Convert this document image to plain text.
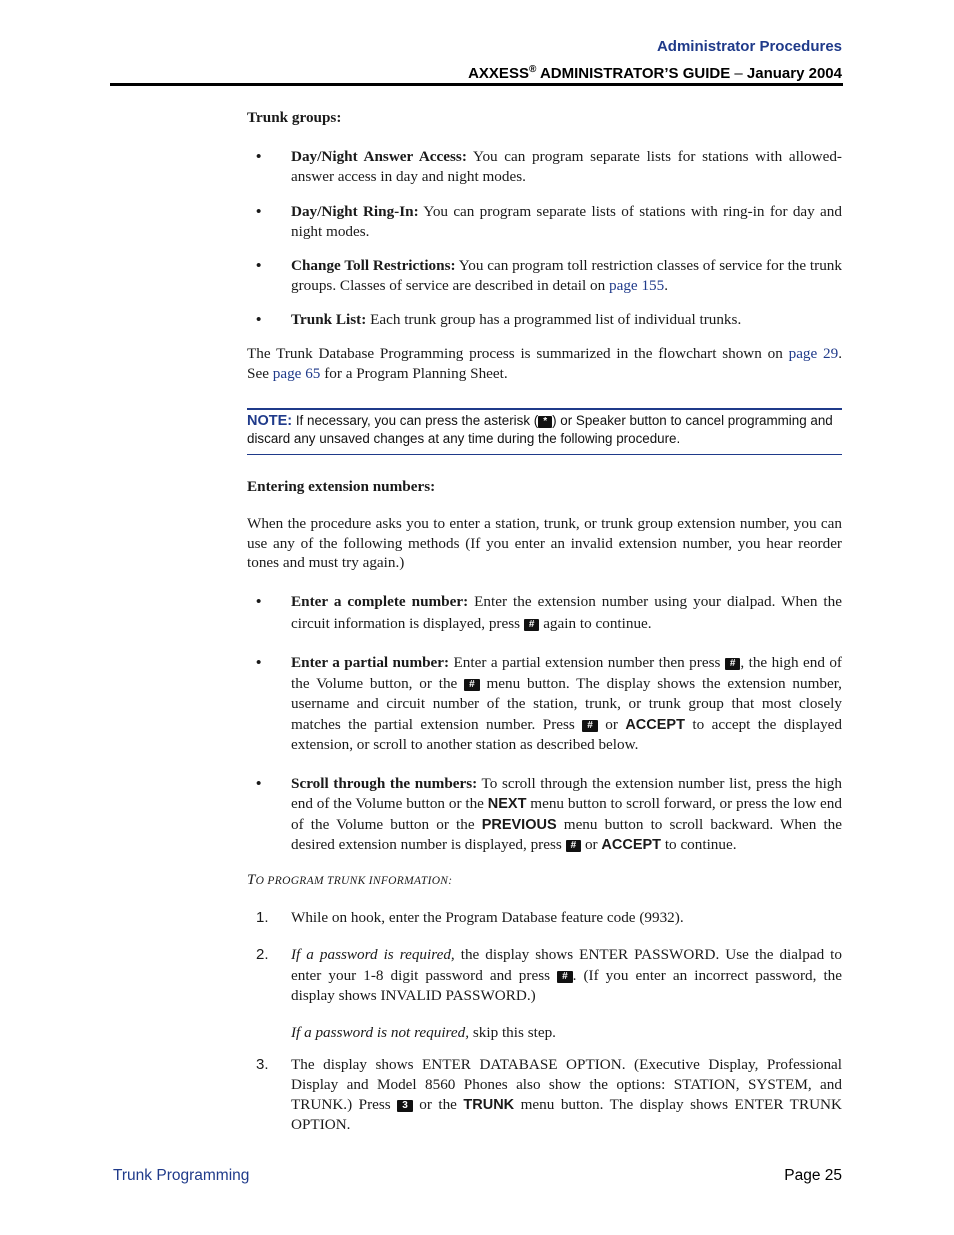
Administrator Procedures
AXXESS® ADMINISTRATOR’S GUIDE – January 2004
Trunk groups:
•	Day/Night Answer Access: You can program separate lists for stations with allowed-answer access in day and night modes.
•	Day/Night Ring-In: You can program separate lists of stations with ring-in for day and night modes.
•	Change Toll Restrictions: You can program toll restriction classes of service for the trunk groups. Classes of service are described in detail on page 155.
•	Trunk List: Each trunk group has a programmed list of individual trunks.
The Trunk Database Programming process is summarized in the flowchart shown on page 29. See page 65 for a Program Planning Sheet.
NOTE: If necessary, you can press the asterisk ( * ) or Speaker button to cancel programming and discard any unsaved changes at any time during the following procedure.
Entering extension numbers:
When the procedure asks you to enter a station, trunk, or trunk group extension number, you can use any of the following methods (If you enter an invalid extension number, you hear reorder tones and must try again.)
•	Enter a complete number: Enter the extension number using your dialpad. When the circuit information is displayed, press # again to continue.
•	Enter a partial number: Enter a partial extension number then press # , the high end of the Volume button, or the # menu button. The display shows the extension number, username and circuit number of the station, trunk, or trunk group that most closely matches the partial extension number. Press # or ACCEPT to accept the displayed extension, or scroll to another station as described below.
•	Scroll through the numbers: To scroll through the extension number list, press the high end of the Volume button or the NEXT menu button to scroll forward, or press the low end of the Volume button or the PREVIOUS menu button to scroll backward. When the desired extension number is displayed, press # or ACCEPT to continue.
TO PROGRAM TRUNK INFORMATION:
1. While on hook, enter the Program Database feature code (9932).
2. If a password is required, the display shows ENTER PASSWORD. Use the dialpad to enter your 1-8 digit password and press # . (If you enter an incorrect password, the display shows INVALID PASSWORD.)
If a password is not required, skip this step.
3. The display shows ENTER DATABASE OPTION. (Executive Display, Professional Display and Model 8560 Phones also show the options: STATION, SYSTEM, and TRUNK.) Press 3 or the TRUNK menu button. The display shows ENTER TRUNK OPTION.
Trunk Programming	Page 25
